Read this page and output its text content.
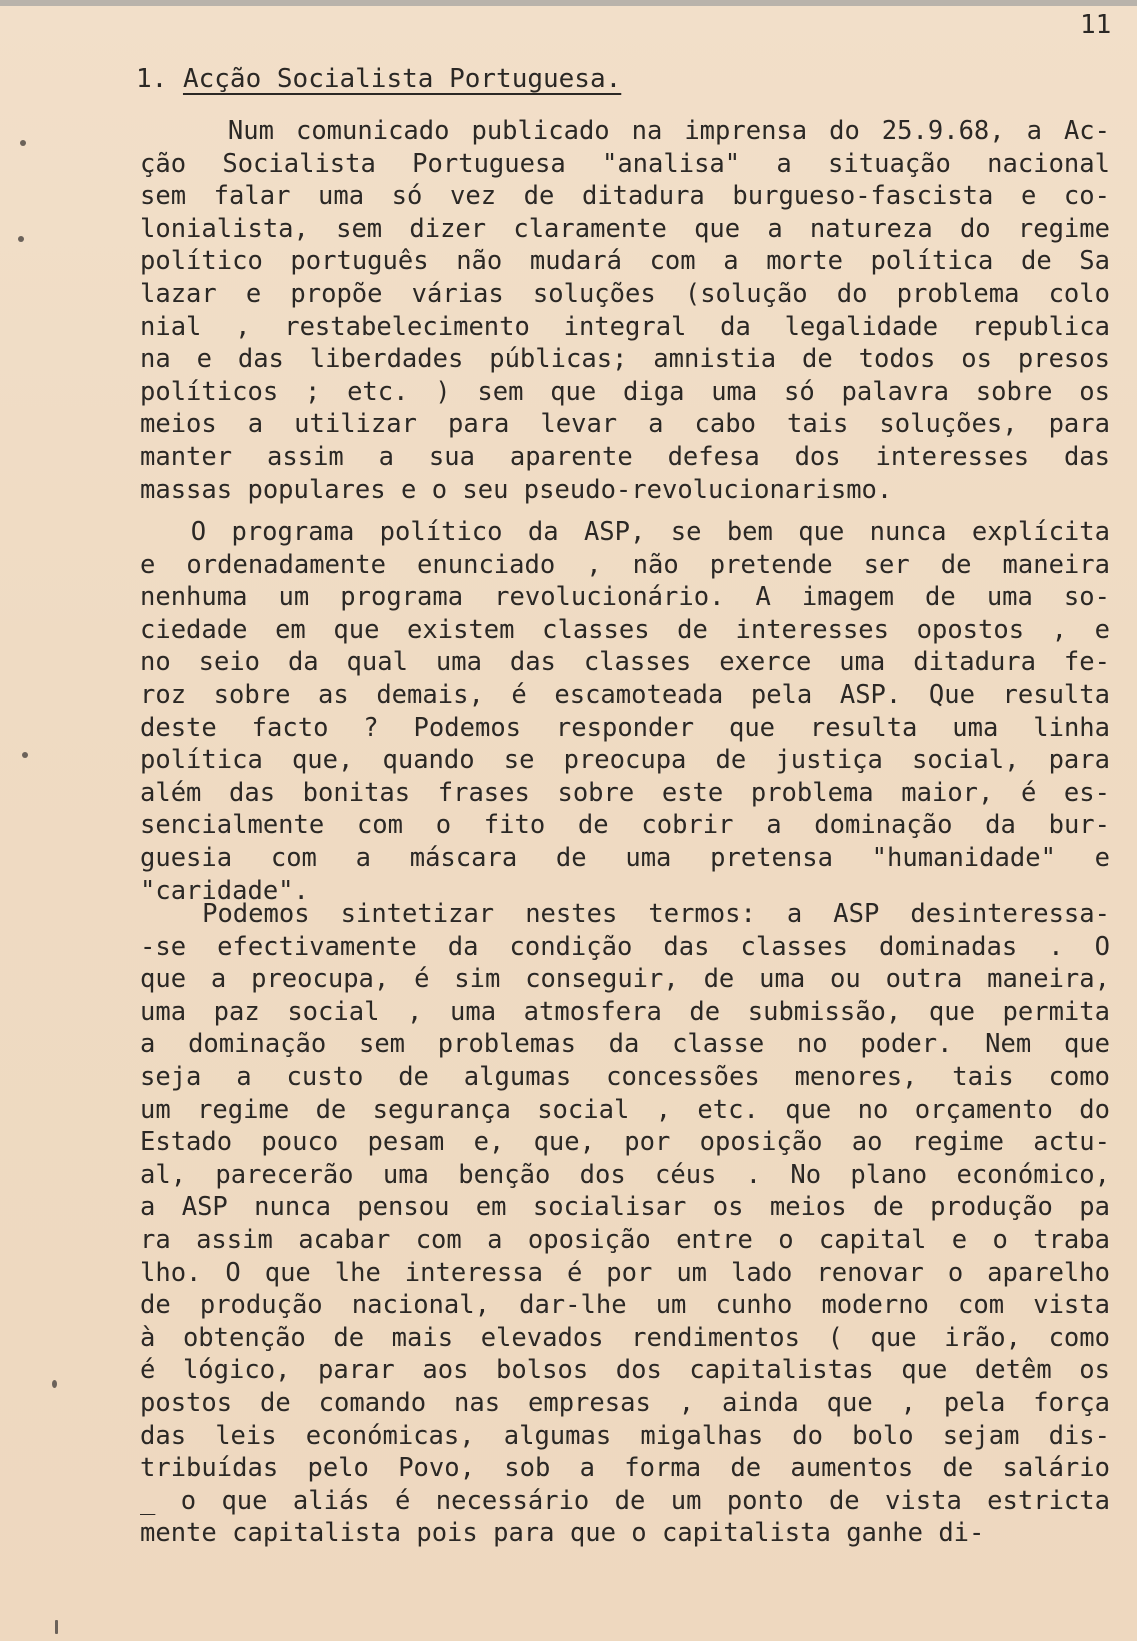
11
1. Acção Socialista Portuguesa.
Num comunicado publicado na imprensa do 25.9.68, a Ac-
ção Socialista Portuguesa "analisa" a situação nacional
sem falar uma só vez de ditadura burgueso-fascista e co-
lonialista, sem dizer claramente que a natureza do regime
político português não mudará com a morte política de Sa
lazar e propõe várias soluções (solução do problema colo
nial , restabelecimento integral da legalidade republica
na e das liberdades públicas; amnistia de todos os presos
políticos ; etc. ) sem que diga uma só palavra sobre os
meios a utilizar para levar a cabo tais soluções, para
manter assim a sua aparente defesa dos interesses das
massas populares e o seu pseudo-revolucionarismo.
O programa político da ASP, se bem que nunca explícita
e ordenadamente enunciado , não pretende ser de maneira
nenhuma um programa revolucionário. A imagem de uma so-
ciedade em que existem classes de interesses opostos , e
no seio da qual uma das classes exerce uma ditadura fe-
roz sobre as demais, é escamoteada pela ASP. Que resulta
deste facto ? Podemos responder que resulta uma linha
política que, quando se preocupa de justiça social, para
além das bonitas frases sobre este problema maior, é es-
sencialmente com o fito de cobrir a dominação da bur-
guesia com a máscara de uma pretensa "humanidade" e
"caridade".
Podemos sintetizar nestes termos: a ASP desinteressa-
-se efectivamente da condição das classes dominadas . O
que a preocupa, é sim conseguir, de uma ou outra maneira,
uma paz social , uma atmosfera de submissão, que permita
a dominação sem problemas da classe no poder. Nem que
seja a custo de algumas concessões menores, tais como
um regime de segurança social , etc. que no orçamento do
Estado pouco pesam e, que, por oposição ao regime actu-
al, parecerão uma benção dos céus . No plano económico,
a ASP nunca pensou em socialisar os meios de produção pa
ra assim acabar com a oposição entre o capital e o traba
lho. O que lhe interessa é por um lado renovar o aparelho
de produção nacional, dar-lhe um cunho moderno com vista
à obtenção de mais elevados rendimentos ( que irão, como
é lógico, parar aos bolsos dos capitalistas que detêm os
postos de comando nas empresas , ainda que , pela força
das leis económicas, algumas migalhas do bolo sejam dis-
tribuídas pelo Povo, sob a forma de aumentos de salário
_ o que aliás é necessário de um ponto de vista estricta
mente capitalista pois para que o capitalista ganhe di-
